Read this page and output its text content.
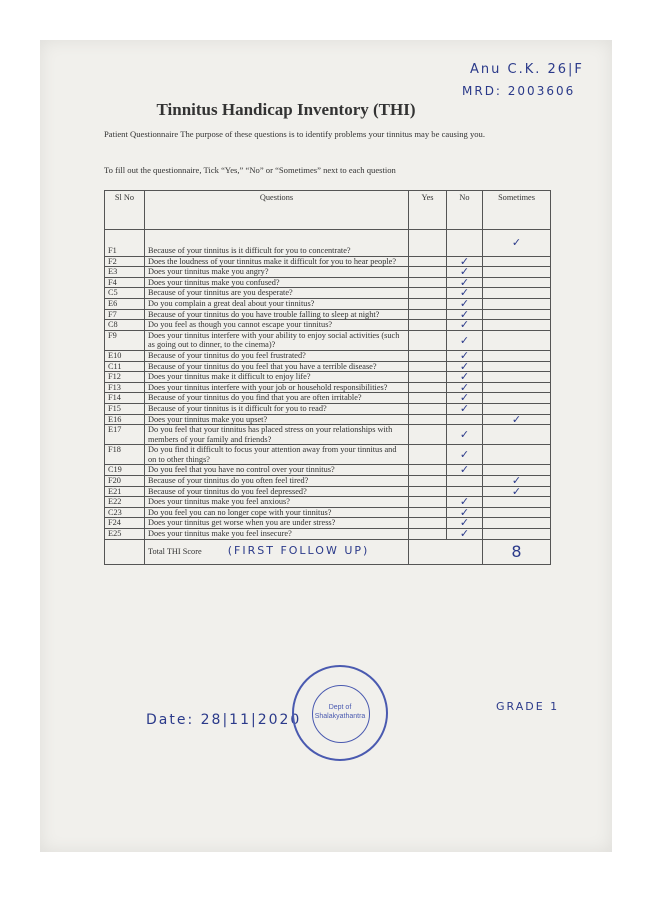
Anu C.K. 26|F
MRD: 2003606
Tinnitus Handicap Inventory (THI)
Patient Questionnaire The purpose of these questions is to identify problems your tinnitus may be causing you.
To fill out the questionnaire, Tick “Yes,” “No” or “Sometimes” next to each question
Sl No	Questions	Yes	No	Sometimes
F1	Because of your tinnitus is it difficult for you to concentrate?			✓
F2	Does the loudness of your tinnitus make it difficult for you to hear people?		✓	
E3	Does your tinnitus make you angry?		✓	
F4	Does your tinnitus make you confused?		✓	
C5	Because of your tinnitus are you desperate?		✓	
E6	Do you complain a great deal about your tinnitus?		✓	
F7	Because of your tinnitus do you have trouble falling to sleep at night?		✓	
C8	Do you feel as though you cannot escape your tinnitus?		✓	
F9	Does your tinnitus interfere with your ability to enjoy social activities (such as going out to dinner, to the cinema)?		✓	
E10	Because of your tinnitus do you feel frustrated?		✓	
C11	Because of your tinnitus do you feel that you have a terrible disease?		✓	
F12	Does your tinnitus make it difficult to enjoy life?		✓	
F13	Does your tinnitus interfere with your job or household responsibilities?		✓	
F14	Because of your tinnitus do you find that you are often irritable?		✓	
F15	Because of your tinnitus is it difficult for you to read?		✓	
E16	Does your tinnitus make you upset?			✓
E17	Do you feel that your tinnitus has placed stress on your relationships with members of your family and friends?		✓	
F18	Do you find it difficult to focus your attention away from your tinnitus and on to other things?		✓	
C19	Do you feel that you have no control over your tinnitus?		✓	
F20	Because of your tinnitus do you often feel tired?			✓
E21	Because of your tinnitus do you feel depressed?			✓
E22	Does your tinnitus make you feel anxious?		✓	
C23	Do you feel you can no longer cope with your tinnitus?		✓	
F24	Does your tinnitus get worse when you are under stress?		✓	
E25	Does your tinnitus make you feel insecure?		✓	
	Total THI Score (FIRST FOLLOW UP)			8
GRADE 1
Date: 28|11|2020
Dept of
Shalakyathantra
